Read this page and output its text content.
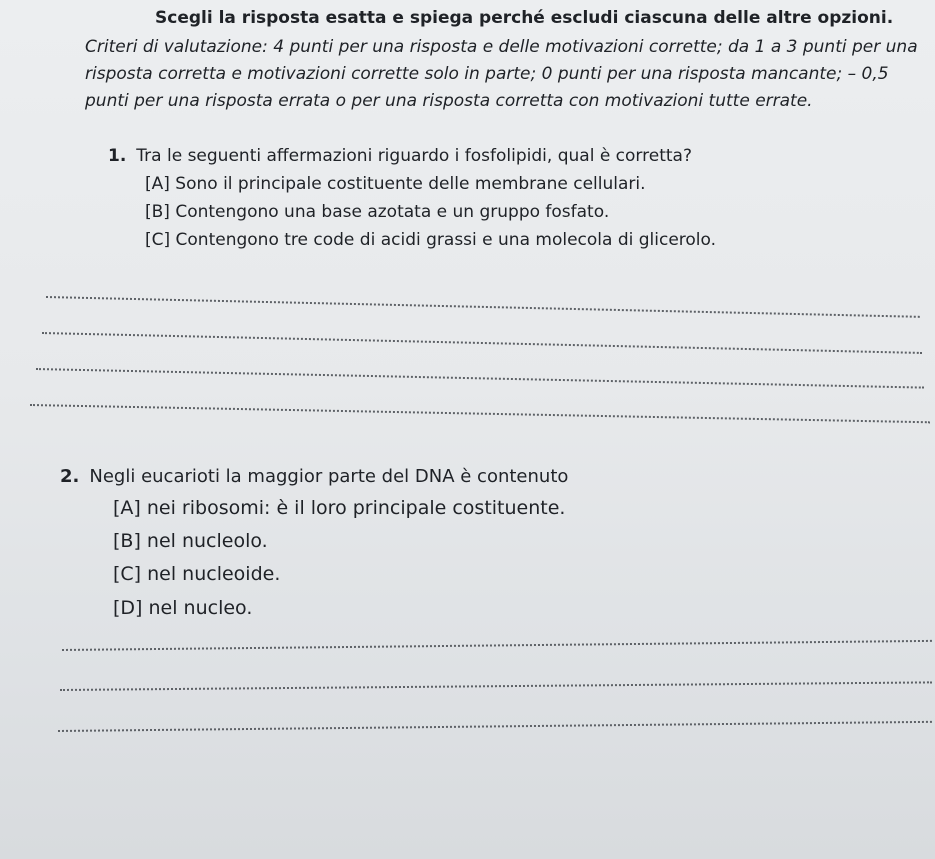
Scegli la risposta esatta e spiega perché escludi ciascuna delle altre opzioni.
Criteri di valutazione: 4 punti per una risposta e delle motivazioni corrette; da 1 a 3 punti per una risposta corretta e motivazioni corrette solo in parte; 0 punti per una risposta mancante; – 0,5 punti per una risposta errata o per una risposta corretta con motivazioni tutte errate.
1. Tra le seguenti affermazioni riguardo i fosfolipidi, qual è corretta?
[A] Sono il principale costituente delle membrane cellulari.
[B] Contengono una base azotata e un gruppo fosfato.
[C] Contengono tre code di acidi grassi e una molecola di glicerolo.
2. Negli eucarioti la maggior parte del DNA è contenuto
[A] nei ribosomi: è il loro principale costituente.
[B] nel nucleolo.
[C] nel nucleoide.
[D] nel nucleo.
